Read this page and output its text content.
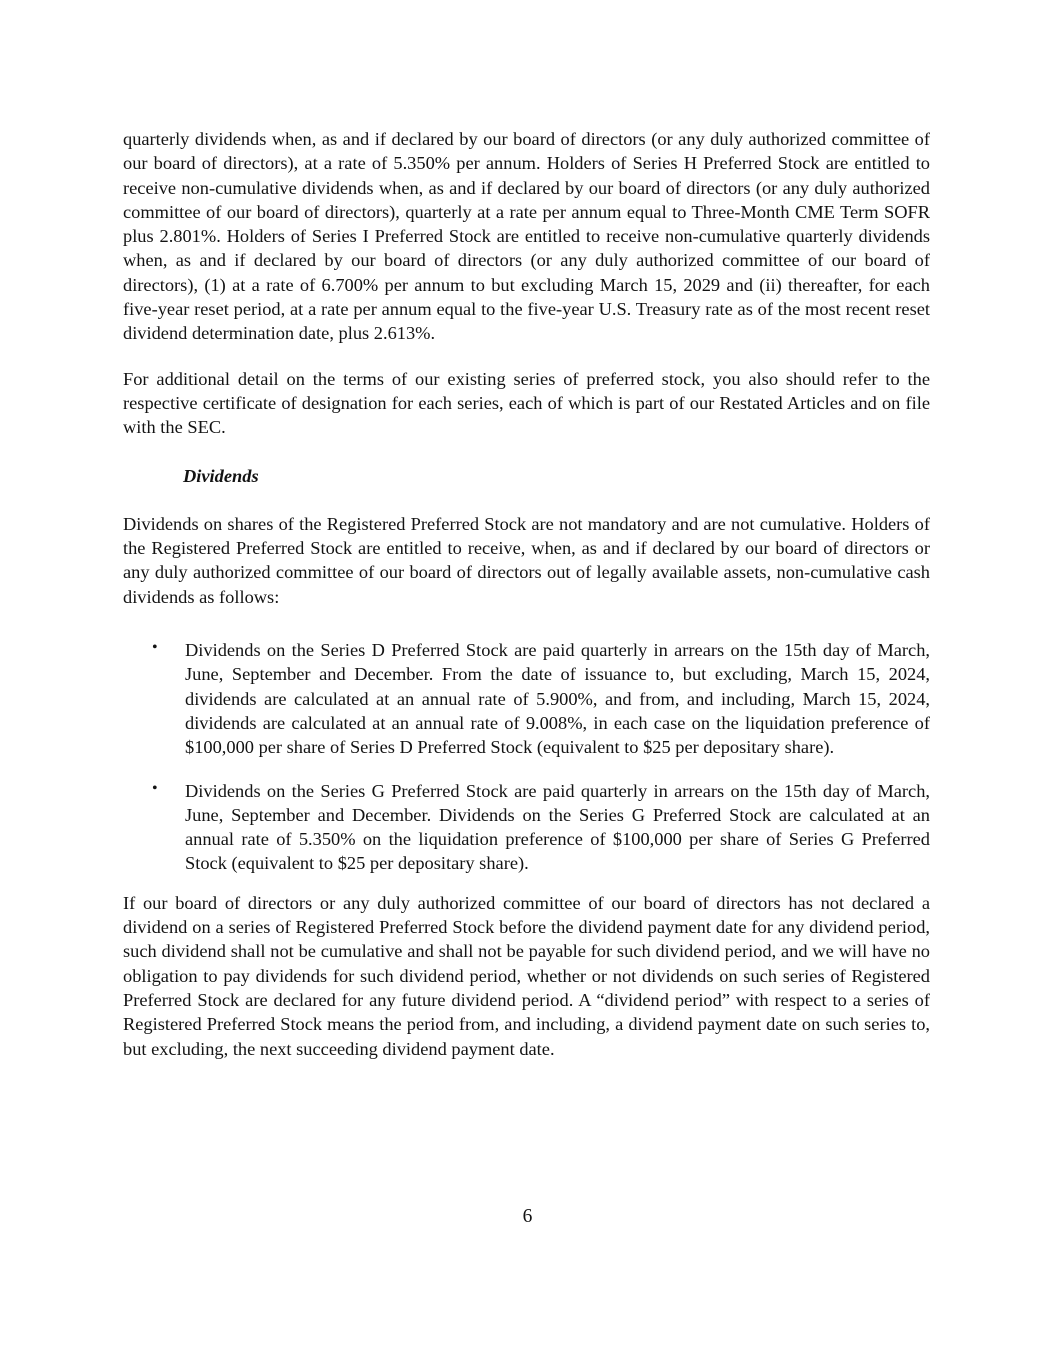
quarterly dividends when, as and if declared by our board of directors (or any duly authorized committee of our board of directors), at a rate of 5.350% per annum. Holders of Series H Preferred Stock are entitled to receive non-cumulative dividends when, as and if declared by our board of directors (or any duly authorized committee of our board of directors), quarterly at a rate per annum equal to Three-Month CME Term SOFR plus 2.801%. Holders of Series I Preferred Stock are entitled to receive non-cumulative quarterly dividends when, as and if declared by our board of directors (or any duly authorized committee of our board of directors), (1) at a rate of 6.700% per annum to but excluding March 15, 2029 and (ii) thereafter, for each five-year reset period, at a rate per annum equal to the five-year U.S. Treasury rate as of the most recent reset dividend determination date, plus 2.613%.

For additional detail on the terms of our existing series of preferred stock, you also should refer to the respective certificate of designation for each series, each of which is part of our Restated Articles and on file with the SEC.

Dividends

Dividends on shares of the Registered Preferred Stock are not mandatory and are not cumulative. Holders of the Registered Preferred Stock are entitled to receive, when, as and if declared by our board of directors or any duly authorized committee of our board of directors out of legally available assets, non-cumulative cash dividends as follows:

• Dividends on the Series D Preferred Stock are paid quarterly in arrears on the 15th day of March, June, September and December. From the date of issuance to, but excluding, March 15, 2024, dividends are calculated at an annual rate of 5.900%, and from, and including, March 15, 2024, dividends are calculated at an annual rate of 9.008%, in each case on the liquidation preference of $100,000 per share of Series D Preferred Stock (equivalent to $25 per depositary share).
• Dividends on the Series G Preferred Stock are paid quarterly in arrears on the 15th day of March, June, September and December. Dividends on the Series G Preferred Stock are calculated at an annual rate of 5.350% on the liquidation preference of $100,000 per share of Series G Preferred Stock (equivalent to $25 per depositary share).

If our board of directors or any duly authorized committee of our board of directors has not declared a dividend on a series of Registered Preferred Stock before the dividend payment date for any dividend period, such dividend shall not be cumulative and shall not be payable for such dividend period, and we will have no obligation to pay dividends for such dividend period, whether or not dividends on such series of Registered Preferred Stock are declared for any future dividend period. A “dividend period” with respect to a series of Registered Preferred Stock means the period from, and including, a dividend payment date on such series to, but excluding, the next succeeding dividend payment date.

6
